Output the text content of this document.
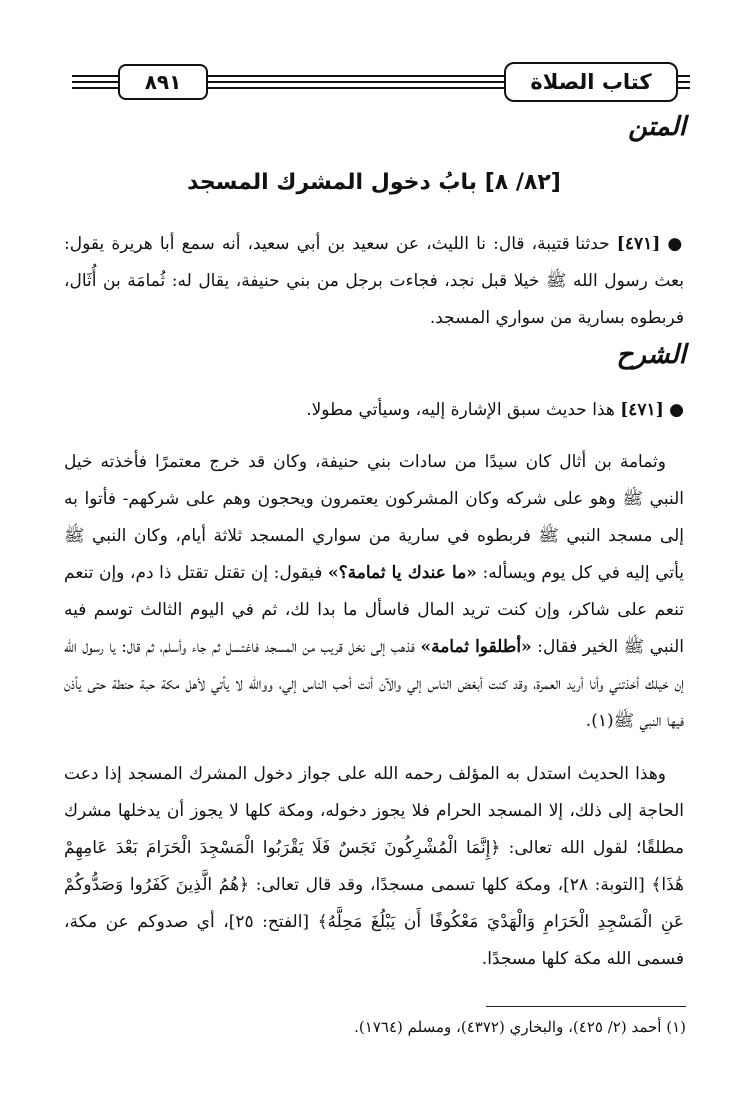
٨٩١	كتاب الصلاة
المتن
[٨٢/ ٨] بابُ دخول المشرك المسجد
● [٤٧١] حدثنا قتيبة، قال: نا الليث، عن سعيد بن أبي سعيد، أنه سمع أبا هريرة يقول: بعث رسول الله ﷺ خيلا قبل نجد، فجاءت برجل من بني حنيفة، يقال له: ثُمامَة بن أُثَال، فربطوه بسارية من سواري المسجد.
الشرح
● [٤٧١] هذا حديث سبق الإشارة إليه، وسيأتي مطولا.
وثمامة بن أثال كان سيدًا من سادات بني حنيفة، وكان قد خرج معتمرًا فأخذته خيل النبي ﷺ وهو على شركه وكان المشركون يعتمرون ويحجون وهم على شركهم- فأتوا به إلى مسجد النبي ﷺ فربطوه في سارية من سواري المسجد ثلاثة أيام، وكان النبي ﷺ يأتي إليه في كل يوم ويسأله: «ما عندك يا ثمامة؟» فيقول: إن تقتل تقتل ذا دم، وإن تنعم تنعم على شاكر، وإن كنت تريد المال فاسأل ما بدا لك، ثم في اليوم الثالث توسم فيه النبي ﷺ الخير فقال: «أطلقوا ثمامة» فذهب إلى نخل قريب من المسجد فاغتسل ثم جاء وأسلم، ثم قال: يا رسول الله إن خيلك أخذتني وأنا أريد العمرة، وقد كنت أبغض الناس إلي والآن أنت أحب الناس إلي، ووالله لا يأتي لأهل مكة حبة حنطة حتى يأذن فيها النبي ﷺ(١).
وهذا الحديث استدل به المؤلف رحمه الله على جواز دخول المشرك المسجد إذا دعت الحاجة إلى ذلك، إلا المسجد الحرام فلا يجوز دخوله، ومكة كلها لا يجوز أن يدخلها مشرك مطلقًا؛ لقول الله تعالى: ﴿إِنَّمَا الْمُشْرِكُونَ نَجَسٌ فَلَا يَقْرَبُوا الْمَسْجِدَ الْحَرَامَ بَعْدَ عَامِهِمْ هَٰذَا﴾ [التوبة: ٢٨]، ومكة كلها تسمى مسجدًا، وقد قال تعالى: ﴿هُمُ الَّذِينَ كَفَرُوا وَصَدُّوكُمْ عَنِ الْمَسْجِدِ الْحَرَامِ وَالْهَدْيَ مَعْكُوفًا أَن يَبْلُغَ مَحِلَّهُ﴾ [الفتح: ٢٥]، أي صدوكم عن مكة، فسمى الله مكة كلها مسجدًا.
(١) أحمد (٢/ ٤٢٥)، والبخاري (٤٣٧٢)، ومسلم (١٧٦٤).
